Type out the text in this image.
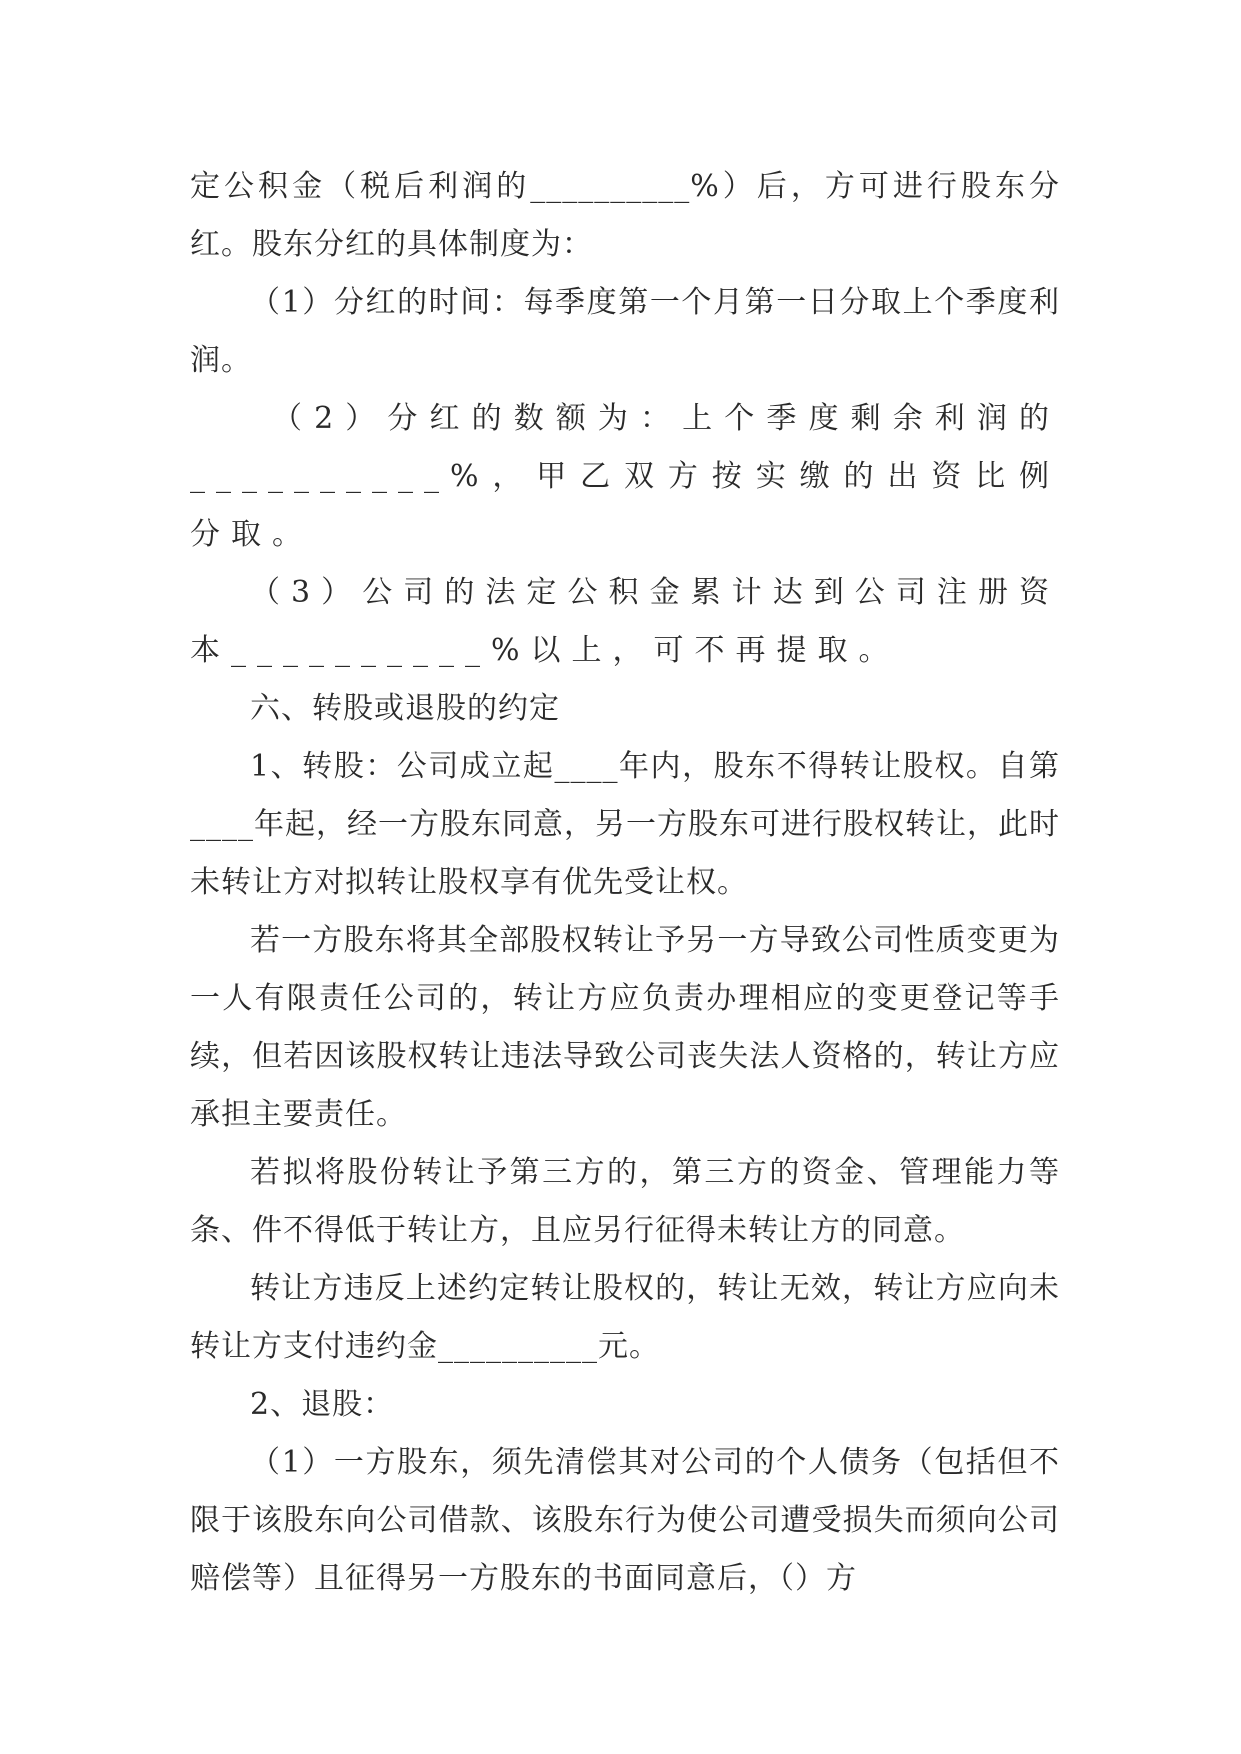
定公积金（税后利润的__________%）后，方可进行股东分红。股东分红的具体制度为：

（1）分红的时间：每季度第一个月第一日分取上个季度利润。

（2）分红的数额为：上个季度剩余利润的__________%，甲乙双方按实缴的出资比例分取。

（3）公司的法定公积金累计达到公司注册资本__________%以上，可不再提取。

六、转股或退股的约定

1、转股：公司成立起____年内，股东不得转让股权。自第____年起，经一方股东同意，另一方股东可进行股权转让，此时未转让方对拟转让股权享有优先受让权。

若一方股东将其全部股权转让予另一方导致公司性质变更为一人有限责任公司的，转让方应负责办理相应的变更登记等手续，但若因该股权转让违法导致公司丧失法人资格的，转让方应承担主要责任。

若拟将股份转让予第三方的，第三方的资金、管理能力等条、件不得低于转让方，且应另行征得未转让方的同意。

转让方违反上述约定转让股权的，转让无效，转让方应向未转让方支付违约金__________元。

2、退股：

（1）一方股东，须先清偿其对公司的个人债务（包括但不限于该股东向公司借款、该股东行为使公司遭受损失而须向公司赔偿等）且征得另一方股东的书面同意后，（）方
